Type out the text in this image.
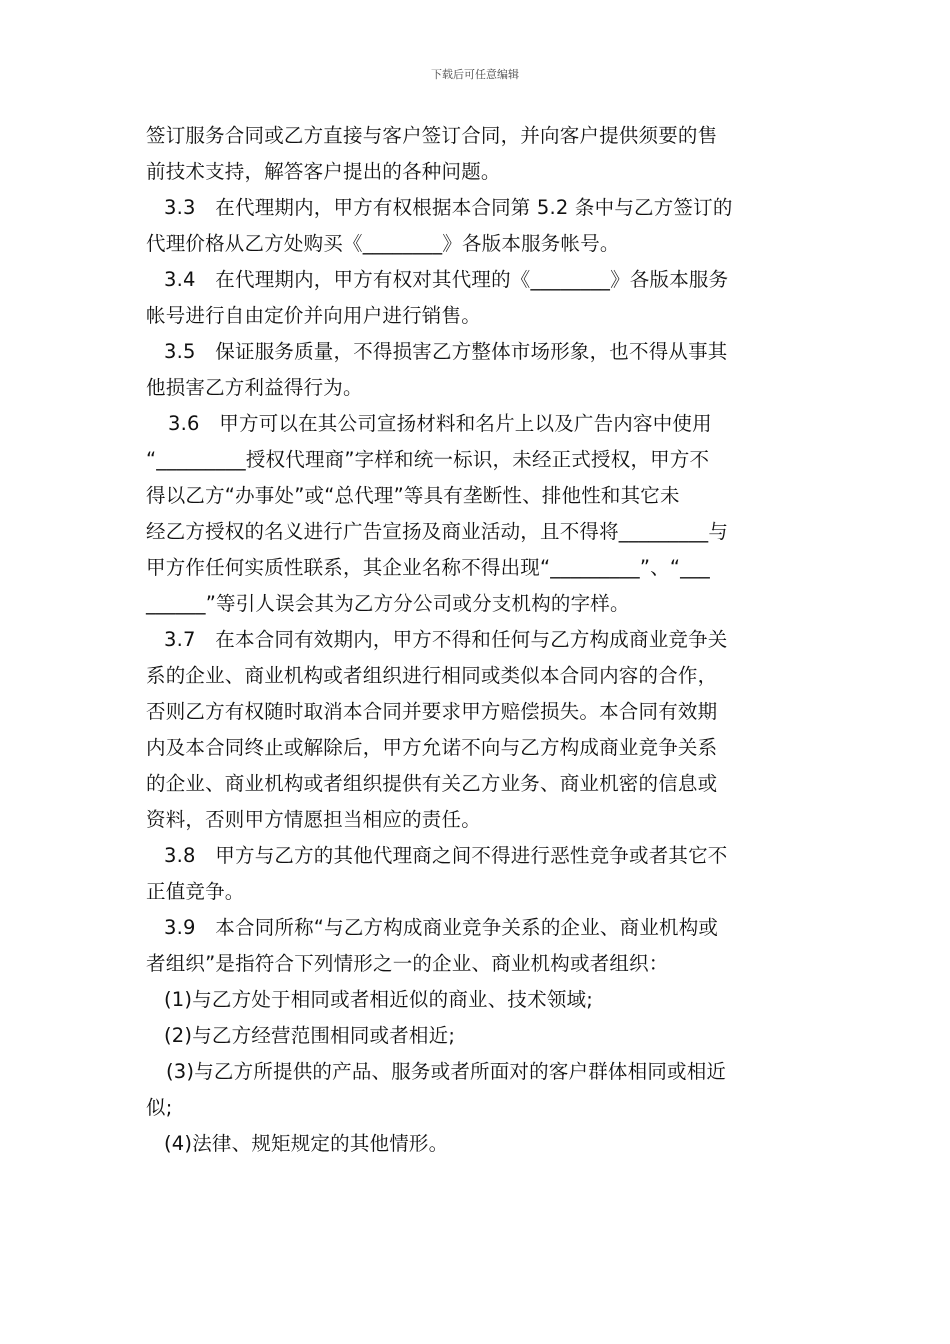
下载后可任意编辑
签订服务合同或乙方直接与客户签订合同，并向客户提供须要的售
前技术支持，解答客户提出的各种问题。
3.3　在代理期内，甲方有权根据本合同第 5.2 条中与乙方签订的
代理价格从乙方处购买《________》各版本服务帐号。
3.4　在代理期内，甲方有权对其代理的《________》各版本服务
帐号进行自由定价并向用户进行销售。
3.5　保证服务质量，不得损害乙方整体市场形象，也不得从事其
他损害乙方利益得行为。
3.6　甲方可以在其公司宣扬材料和名片上以及广告内容中使用
“_________授权代理商”字样和统一标识，未经正式授权，甲方不
得以乙方“办事处”或“总代理”等具有垄断性、排他性和其它未
经乙方授权的名义进行广告宣扬及商业活动，且不得将_________与
甲方作任何实质性联系，其企业名称不得出现“_________”、“___
______”等引人误会其为乙方分公司或分支机构的字样。
3.7　在本合同有效期内，甲方不得和任何与乙方构成商业竞争关
系的企业、商业机构或者组织进行相同或类似本合同内容的合作，
否则乙方有权随时取消本合同并要求甲方赔偿损失。本合同有效期
内及本合同终止或解除后，甲方允诺不向与乙方构成商业竞争关系
的企业、商业机构或者组织提供有关乙方业务、商业机密的信息或
资料，否则甲方情愿担当相应的责任。
3.8　甲方与乙方的其他代理商之间不得进行恶性竞争或者其它不
正值竞争。
3.9　本合同所称“与乙方构成商业竞争关系的企业、商业机构或
者组织”是指符合下列情形之一的企业、商业机构或者组织：
(1)与乙方处于相同或者相近似的商业、技术领域;
(2)与乙方经营范围相同或者相近;
(3)与乙方所提供的产品、服务或者所面对的客户群体相同或相近
似;
(4)法律、规矩规定的其他情形。
